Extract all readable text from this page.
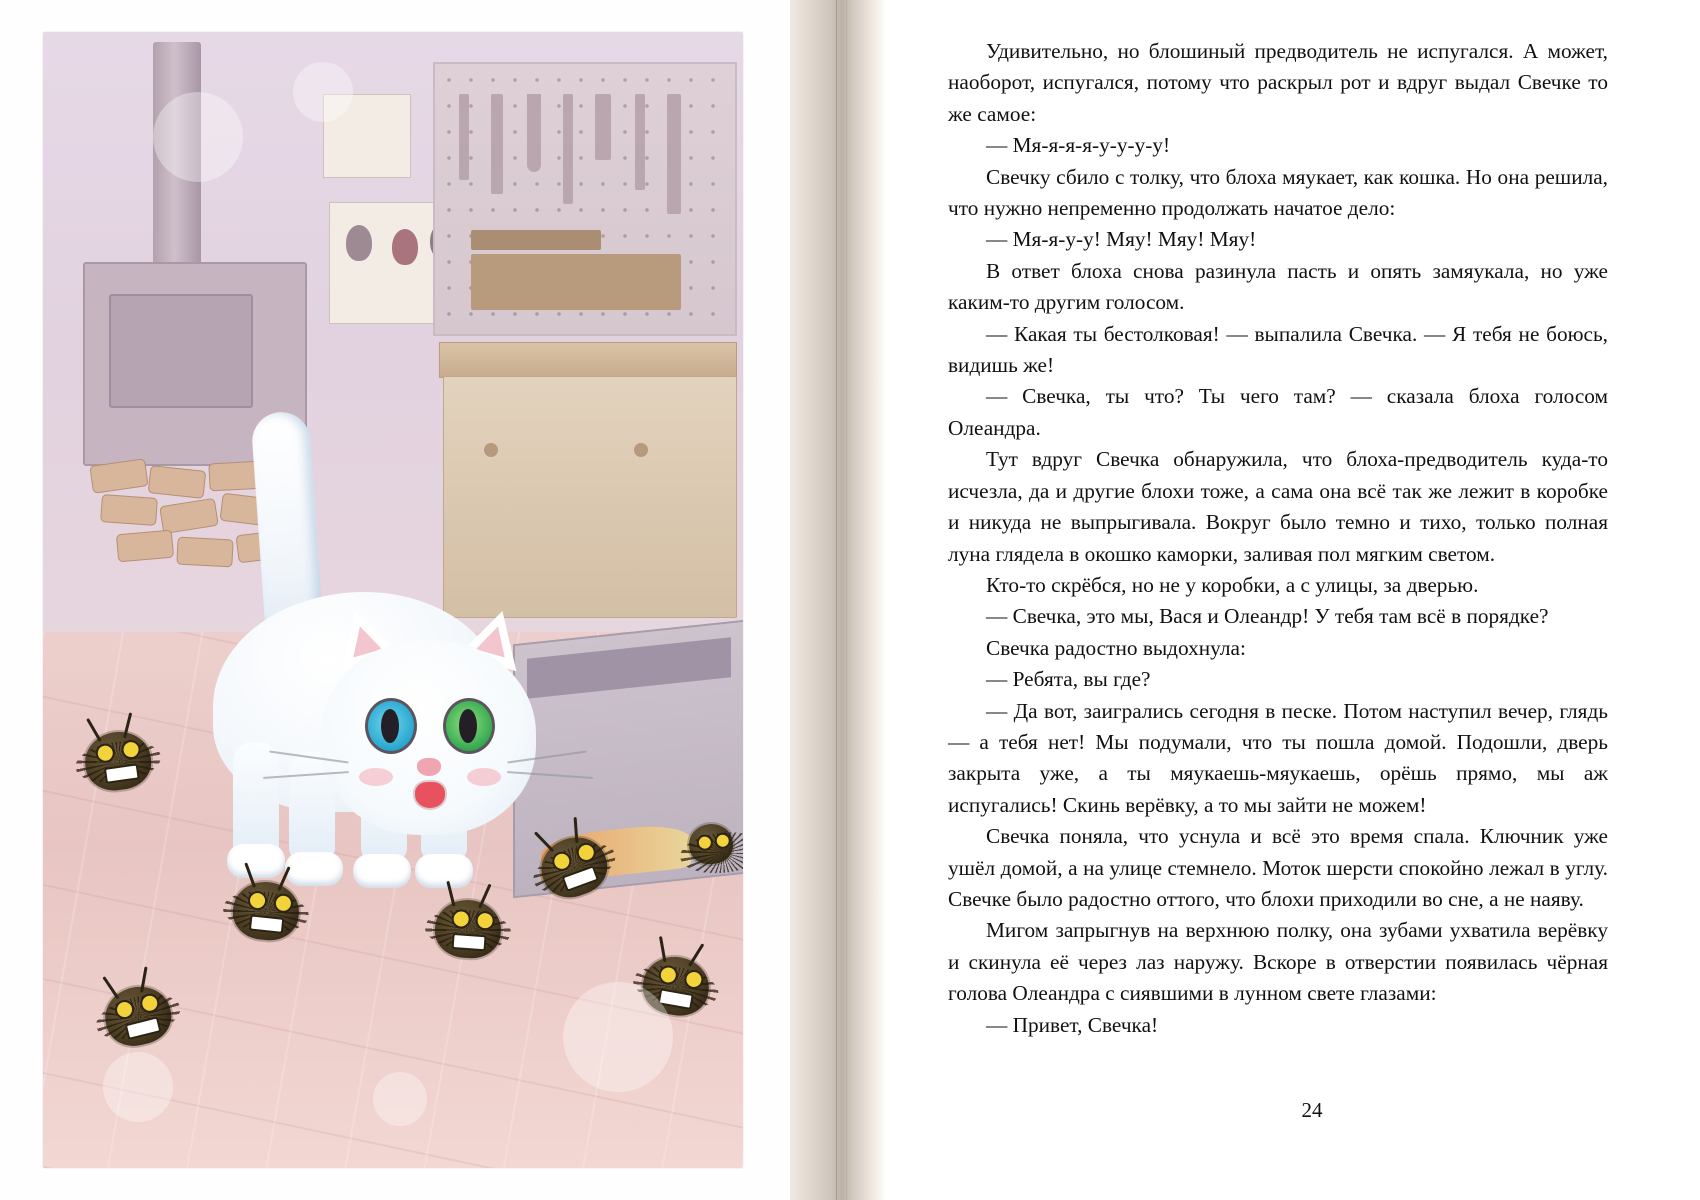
Удивительно, но блошиный предводитель не испугался. А может, наоборот, испугался, потому что раскрыл рот и вдруг выдал Свечке то же самое:

— Мя-я-я-я-у-у-у-у!

Свечку сбило с толку, что блоха мяукает, как кошка. Но она решила, что нужно непременно продолжать начатое дело:

— Мя-я-у-у! Мяу! Мяу! Мяу!

В ответ блоха снова разинула пасть и опять замяукала, но уже каким-то другим голосом.

— Какая ты бестолковая! — выпалила Свечка. — Я тебя не боюсь, видишь же!

— Свечка, ты что? Ты чего там? — сказала блоха голосом Олеандра.

Тут вдруг Свечка обнаружила, что блоха-предводитель куда-то исчезла, да и другие блохи тоже, а сама она всё так же лежит в коробке и никуда не выпрыгивала. Вокруг было темно и тихо, только полная луна глядела в окошко каморки, заливая пол мягким светом.

Кто-то скрёбся, но не у коробки, а с улицы, за дверью.

— Свечка, это мы, Вася и Олеандр! У тебя там всё в порядке?

Свечка радостно выдохнула:

— Ребята, вы где?

— Да вот, заигрались сегодня в песке. Потом наступил вечер, глядь — а тебя нет! Мы подумали, что ты пошла домой. Подошли, дверь закрыта уже, а ты мяукаешь-мяукаешь, орёшь прямо, мы аж испугались! Скинь верёвку, а то мы зайти не можем!

Свечка поняла, что уснула и всё это время спала. Ключник уже ушёл домой, а на улице стемнело. Моток шерсти спокойно лежал в углу. Свечке было радостно оттого, что блохи приходили во сне, а не наяву.

Мигом запрыгнув на верхнюю полку, она зубами ухватила верёвку и скинула её через лаз наружу. Вскоре в отверстии появилась чёрная голова Олеандра с сиявшими в лунном свете глазами:

— Привет, Свечка!

24
